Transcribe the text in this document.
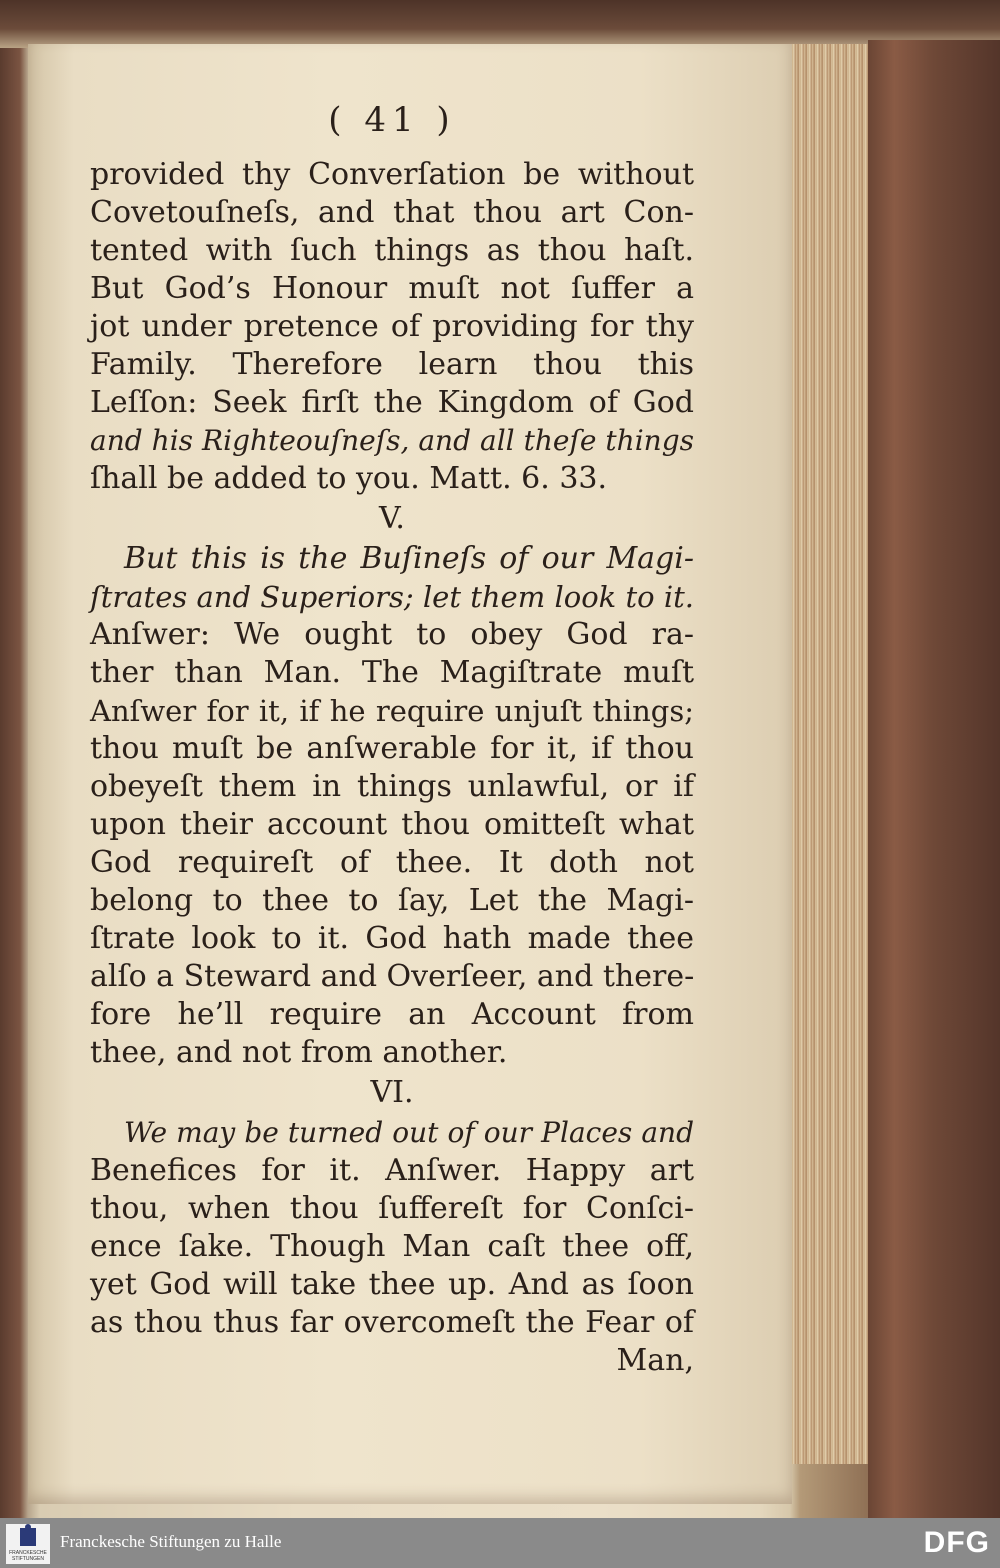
( 41 )
provided thy Converſation be without
Covetouſneſs, and that thou art Con-
tented with ſuch things as thou haſt.
But God’s Honour muſt not ſuffer a
jot under pretence of providing for thy
Family. Therefore learn thou this
Leſſon: Seek firſt the Kingdom of God
and his Righteouſneſs, and all theſe things
ſhall be added to you. Matt. 6. 33.
V.
But this is the Buſineſs of our Magi-
ſtrates and Superiors; let them look to it.
Anſwer: We ought to obey God ra-
ther than Man. The Magiſtrate muſt
Anſwer for it, if he require unjuſt things;
thou muſt be anſwerable for it, if thou
obeyeſt them in things unlawful, or if
upon their account thou omitteſt what
God requireſt of thee. It doth not
belong to thee to ſay, Let the Magi-
ſtrate look to it. God hath made thee
alſo a Steward and Overſeer, and there-
fore he’ll require an Account from
thee, and not from another.
VI.
We may be turned out of our Places and
Benefices for it. Anſwer. Happy art
thou, when thou ſuffereſt for Conſci-
ence ſake. Though Man caſt thee off,
yet God will take thee up. And as ſoon
as thou thus far overcomeſt the Fear of
Man,
FRANCKESCHE STIFTUNGEN
Franckesche Stiftungen zu Halle	DFG
